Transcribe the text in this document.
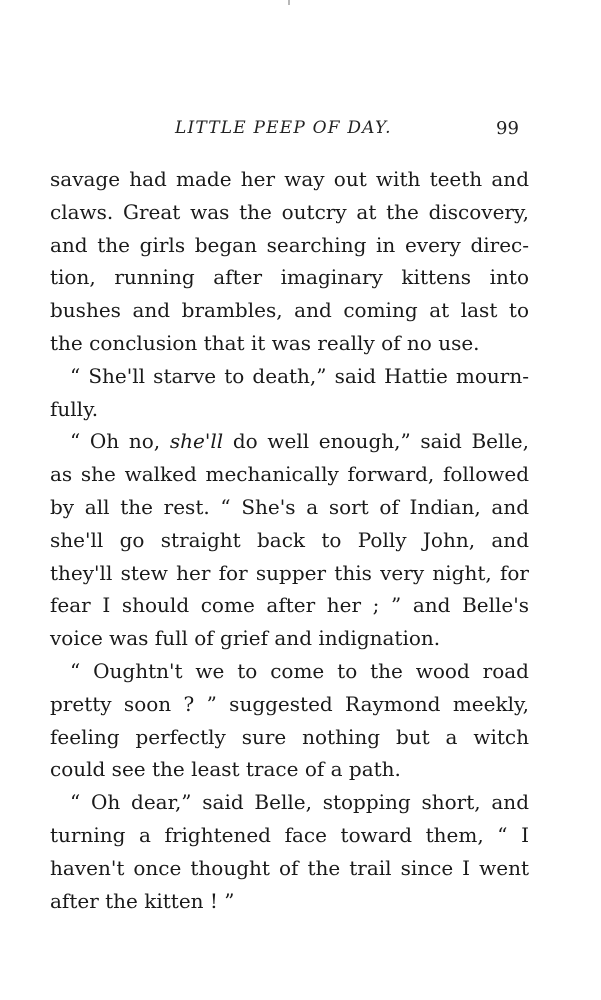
LITTLE PEEP OF DAY.	99
savage had made her way out with teeth and
claws. Great was the outcry at the discovery,
and the girls began searching in every direc-
tion, running after imaginary kittens into
bushes and brambles, and coming at last to
the conclusion that it was really of no use.
“ She'll starve to death,” said Hattie mourn-
fully.
“ Oh no, she'll do well enough,” said Belle,
as she walked mechanically forward, followed
by all the rest. “ She's a sort of Indian, and
she'll go straight back to Polly John, and
they'll stew her for supper this very night, for
fear I should come after her ; ” and Belle's
voice was full of grief and indignation.
“ Oughtn't we to come to the wood road
pretty soon ? ” suggested Raymond meekly,
feeling perfectly sure nothing but a witch
could see the least trace of a path.
“ Oh dear,” said Belle, stopping short, and
turning a frightened face toward them, “ I
haven't once thought of the trail since I went
after the kitten ! ”
